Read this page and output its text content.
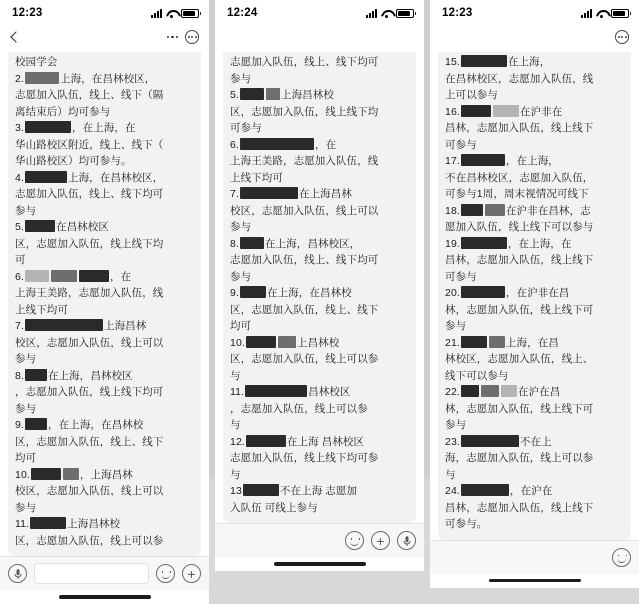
12:23

校园学会

2.	上海，在昌林校区，

志愿加入队伍，线上、线下（隔

离结束后）均可参与

3.	，在上海，在

华山路校区附近，线上、线下（

华山路校区）均可参与。

4.	上海，在昌林校区，

志愿加入队伍，线上、线下均可

参与

5.	在昌林校区

区，志愿加入队伍，线上线下均

可

6.	，在

上海王美路，志愿加入队伍，线

上线下均可

7.	上海昌林

校区，志愿加入队伍，线上可以

参与

8. 在上海，昌林校区

，志愿加入队伍，线上线下均可

参与

9. ，在上海，在昌林校

区，志愿加入队伍，线上、线下

均可

10.	，上海昌林

校区，志愿加入队伍，线上可以

参与

11.	上海昌林校

区，志愿加入队伍，线上可以参

+
12:24

志愿加入队伍，线上、线下均可

参与

5.	上海昌林校

区，志愿加入队伍，线上线下均

可参与

6.	，在

上海王美路，志愿加入队伍，线

上线下均可

7.	在上海昌林

校区，志愿加入队伍，线上可以

参与

8. 在上海，昌林校区，

志愿加入队伍，线上、线下均可

参与

9.	在上海，在昌林校

区，志愿加入队伍，线上、线下

均可

10.	上昌林校

区，志愿加入队伍，线上可以参

与

11.	昌林校区

，志愿加入队伍，线上可以参

与

12.	在上海 昌林校区

志愿加入队伍，线上线下均可参

与

13	不在上海 志愿加

入队伍 可线上参与

+
12:23

15.	在上海，

在昌林校区，志愿加入队伍，线

上可以参与

16.	在沪非在

昌林，志愿加入队伍，线上线下

可参与

17.	，在上海，

不在昌林校区，志愿加入队伍，

可参与1周，周末视情况可线下

18.	在沪非在昌林，志

愿加入队伍，线上线下可以参与

19.	，在上海，在

昌林，志愿加入队伍，线上线下

可参与

20.	，在沪非在昌

林，志愿加入队伍，线上线下可

参与

21.	上海，在昌

林校区，志愿加入队伍，线上、

线下可以参与

22.	在沪在昌

林，志愿加入队伍，线上线下可

参与

23.	不在上

海，志愿加入队伍，线上可以参

与

24.	，在沪在

昌林，志愿加入队伍，线上线下

可参与。
